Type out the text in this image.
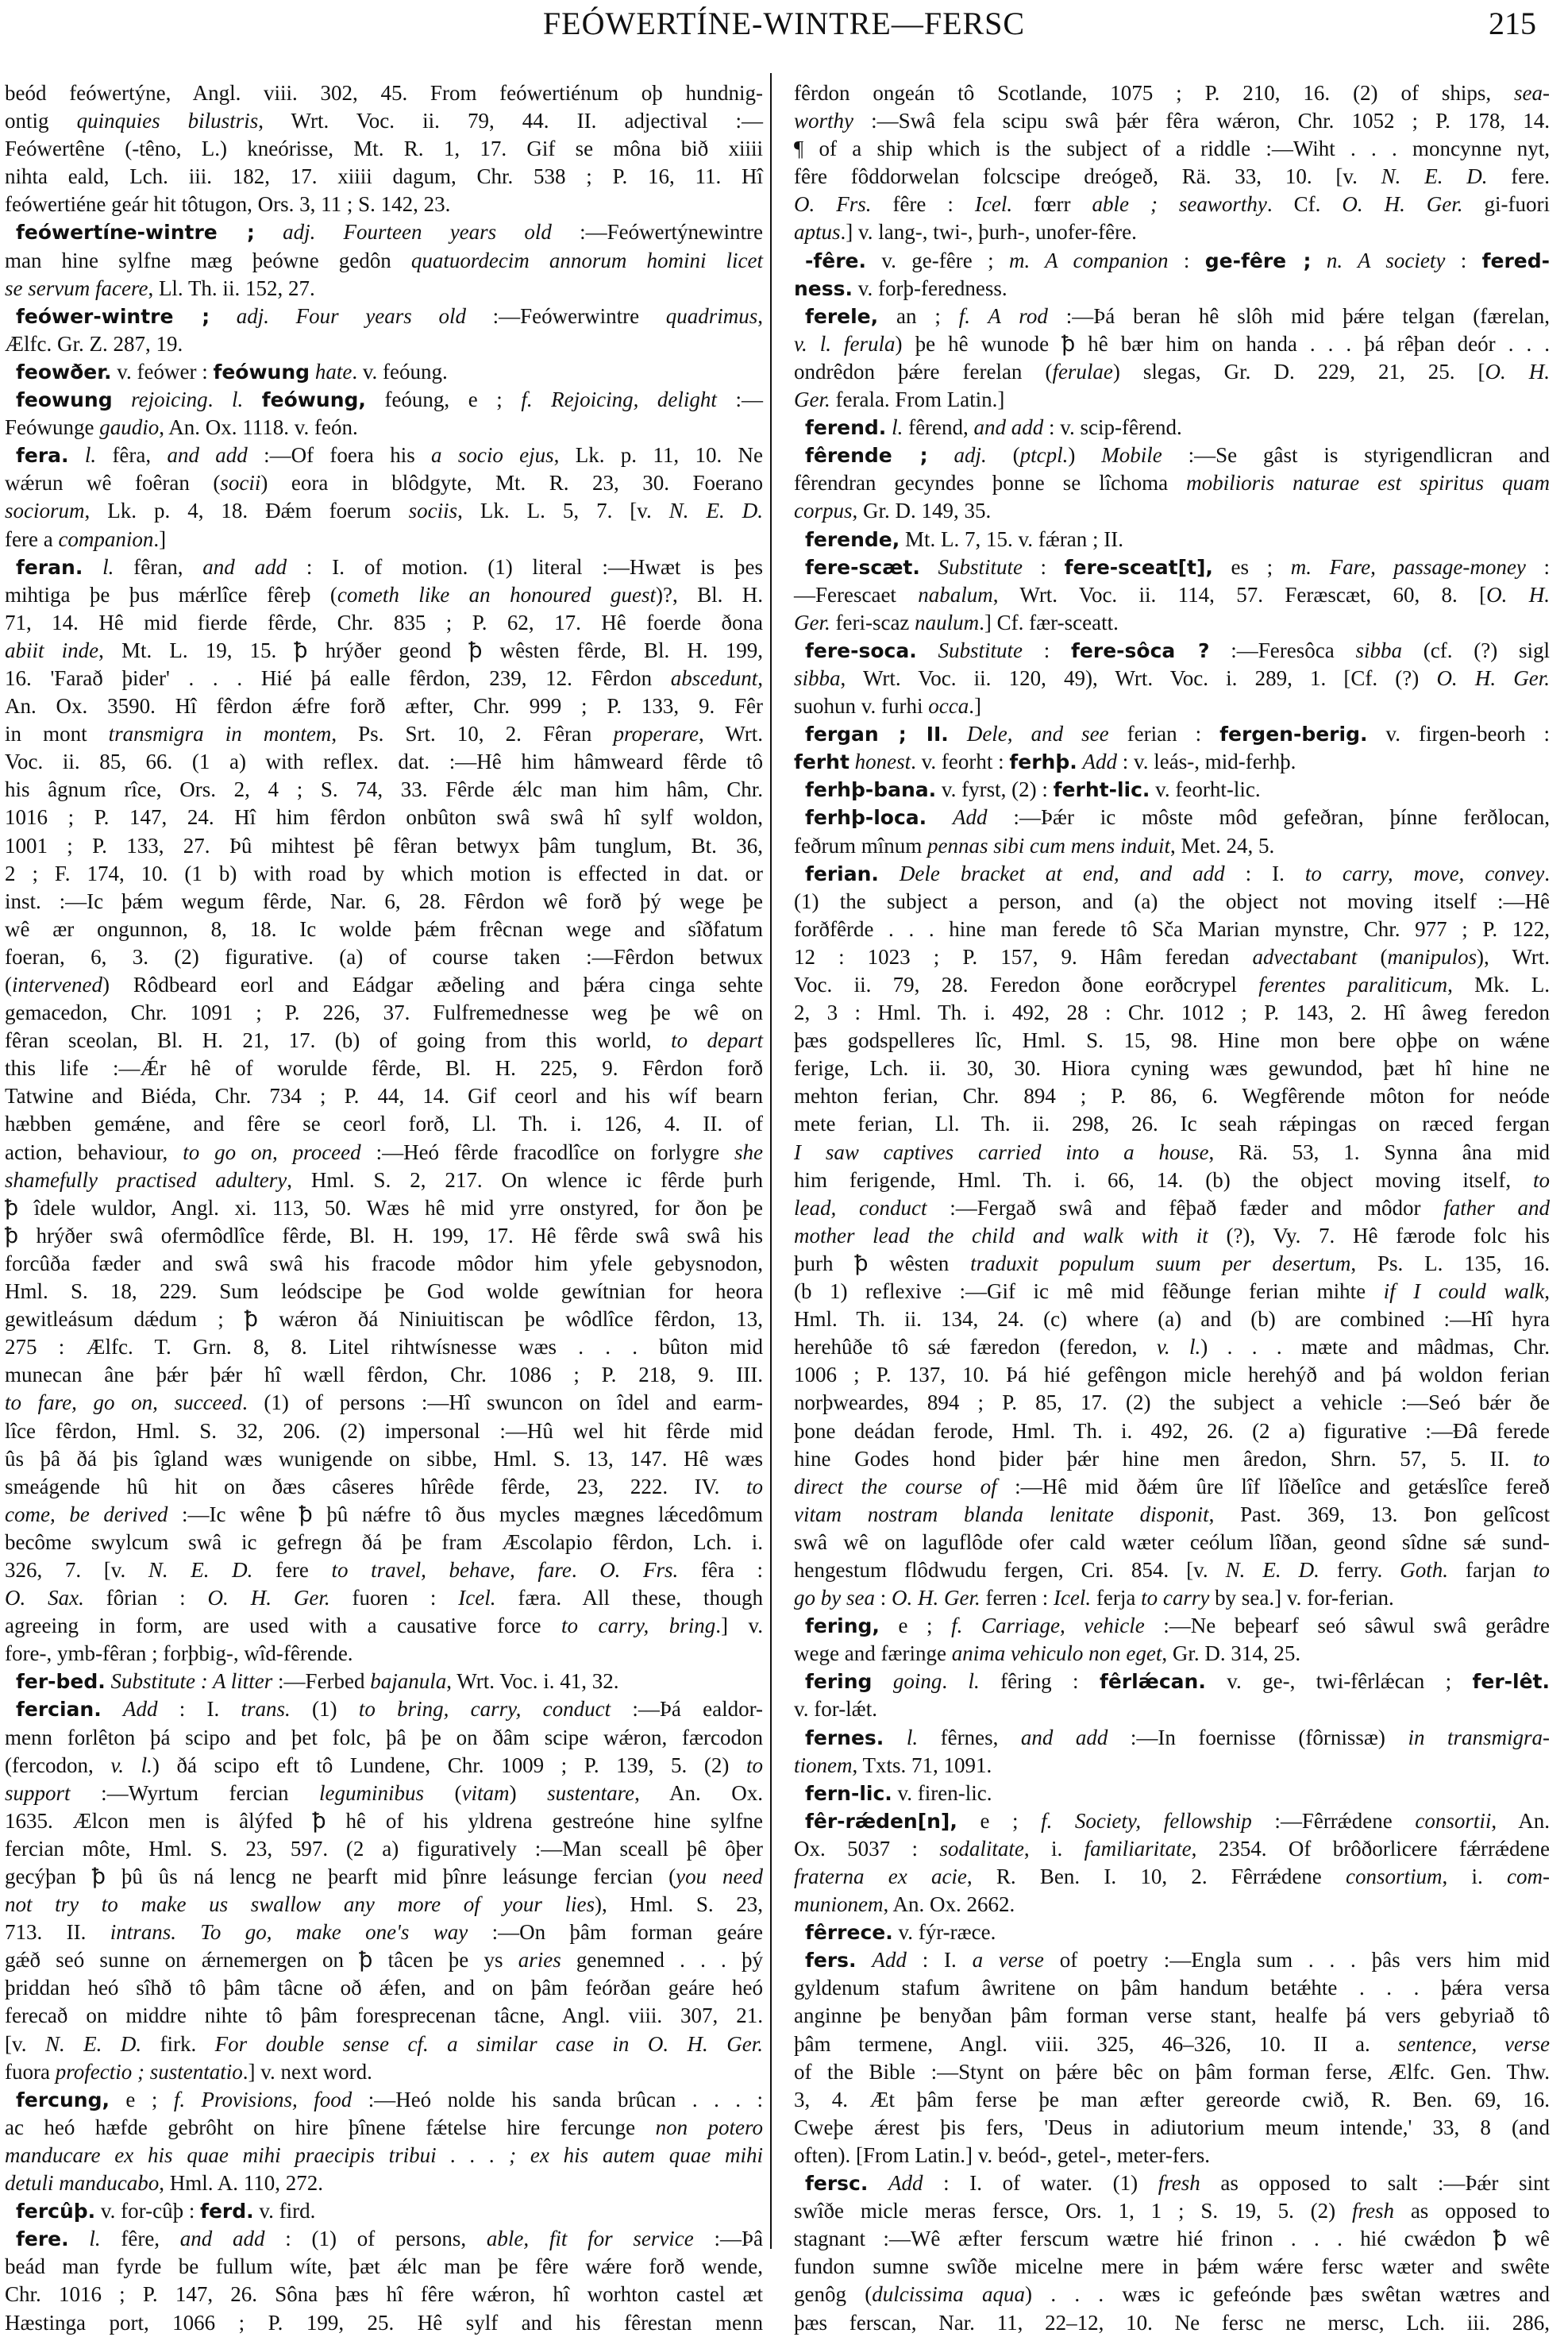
FEÓWERTÍNE-WINTRE—FERSC	215
beód feówertýne, Angl. viii. 302, 45. From feówertiénum oþ hundnig-
ontig quinquies bilustris, Wrt. Voc. ii. 79, 44. II. adjectival :—
Feówertêne (-têno, L.) kneórisse, Mt. R. 1, 17. Gif se môna bið xiiii
nihta eald, Lch. iii. 182, 17. xiiii dagum, Chr. 538 ; P. 16, 11. Hî
feówertiéne geár hit tôtugon, Ors. 3, 11 ; S. 142, 23.
feówertíne-wintre ; adj. Fourteen years old :—Feówertýnewintre
man hine sylfne mæg þeówne gedôn quatuordecim annorum homini licet
se servum facere, Ll. Th. ii. 152, 27.
feówer-wintre ; adj. Four years old :—Feówerwintre quadrimus,
Ælfc. Gr. Z. 287, 19.
feowðer. v. feówer : feówung hate. v. feóung.
feowung rejoicing. l. feówung, feóung, e ; f. Rejoicing, delight :—
Feówunge gaudio, An. Ox. 1118. v. feón.
fera. l. fêra, and add :—Of foera his a socio ejus, Lk. p. 11, 10. Ne
wǽrun wê foêran (socii) eora in blôdgyte, Mt. R. 23, 30. Foerano
sociorum, Lk. p. 4, 18. Ðǽm foerum sociis, Lk. L. 5, 7. [v. N. E. D.
fere a companion.]
feran. l. fêran, and add : I. of motion. (1) literal :—Hwæt is þes
mihtiga þe þus mǽrlîce fêreþ (cometh like an honoured guest)?, Bl. H.
71, 14. Hê mid fierde fêrde, Chr. 835 ; P. 62, 17. Hê foerde ðona
abiit inde, Mt. L. 19, 15. ꝥ hrýðer geond ꝥ wêsten fêrde, Bl. H. 199,
16. 'Farað þider' . . . Hié þá ealle fêrdon, 239, 12. Fêrdon abscedunt,
An. Ox. 3590. Hî fêrdon ǽfre forð æfter, Chr. 999 ; P. 133, 9. Fêr
in mont transmigra in montem, Ps. Srt. 10, 2. Fêran properare, Wrt.
Voc. ii. 85, 66. (1 a) with reflex. dat. :—Hê him hâmweard fêrde tô
his âgnum rîce, Ors. 2, 4 ; S. 74, 33. Fêrde ǽlc man him hâm, Chr.
1016 ; P. 147, 24. Hî him fêrdon onbûton swâ swâ hî sylf woldon,
1001 ; P. 133, 27. Þû mihtest þê fêran betwyx þâm tunglum, Bt. 36,
2 ; F. 174, 10. (1 b) with road by which motion is effected in dat. or
inst. :—Ic þǽm wegum fêrde, Nar. 6, 28. Fêrdon wê forð þý wege þe
wê ær ongunnon, 8, 18. Ic wolde þǽm frêcnan wege and sîðfatum
foeran, 6, 3. (2) figurative. (a) of course taken :—Fêrdon betwux
(intervened) Rôdbeard eorl and Eádgar æðeling and þǽra cinga sehte
gemacedon, Chr. 1091 ; P. 226, 37. Fulfremednesse weg þe wê on
fêran sceolan, Bl. H. 21, 17. (b) of going from this world, to depart
this life :—Ǽr hê of worulde fêrde, Bl. H. 225, 9. Fêrdon forð
Tatwine and Biéda, Chr. 734 ; P. 44, 14. Gif ceorl and his wíf bearn
hæbben gemǽne, and fêre se ceorl forð, Ll. Th. i. 126, 4. II. of
action, behaviour, to go on, proceed :—Heó fêrde fracodlîce on forlygre she
shamefully practised adultery, Hml. S. 2, 217. On wlence ic fêrde þurh
ꝥ îdele wuldor, Angl. xi. 113, 50. Wæs hê mid yrre onstyred, for ðon þe
ꝥ hrýðer swâ ofermôdlîce fêrde, Bl. H. 199, 17. Hê fêrde swâ swâ his
forcûða fæder and swâ swâ his fracode môdor him yfele gebysnodon,
Hml. S. 18, 229. Sum leódscipe þe God wolde gewítnian for heora
gewitleásum dǽdum ; ꝥ wǽron ðá Niniuitiscan þe wôdlîce fêrdon, 13,
275 : Ælfc. T. Grn. 8, 8. Litel rihtwísnesse wæs . . . bûton mid
munecan âne þǽr þǽr hî wæll fêrdon, Chr. 1086 ; P. 218, 9. III.
to fare, go on, succeed. (1) of persons :—Hî swuncon on îdel and earm-
lîce fêrdon, Hml. S. 32, 206. (2) impersonal :—Hû wel hit fêrde mid
ûs þâ ðá þis îgland wæs wunigende on sibbe, Hml. S. 13, 147. Hê wæs
smeágende hû hit on ðæs câseres hîrêde fêrde, 23, 222. IV. to
come, be derived :—Ic wêne ꝥ þû nǽfre tô ðus mycles mægnes lǽcedômum
becôme swylcum swâ ic gefregn ðá þe fram Æscolapio fêrdon, Lch. i.
326, 7. [v. N. E. D. fere to travel, behave, fare. O. Frs. fêra :
O. Sax. fôrian : O. H. Ger. fuoren : Icel. færa. All these, though
agreeing in form, are used with a causative force to carry, bring.] v.
fore-, ymb-fêran ; forþbig-, wîd-fêrende.
fer-bed. Substitute : A litter :—Ferbed bajanula, Wrt. Voc. i. 41, 32.
fercian. Add : I. trans. (1) to bring, carry, conduct :—Þá ealdor-
menn forlêton þá scipo and þet folc, þâ þe on ðâm scipe wǽron, færcodon
(fercodon, v. l.) ðá scipo eft tô Lundene, Chr. 1009 ; P. 139, 5. (2) to
support :—Wyrtum fercian leguminibus (vitam) sustentare, An. Ox.
1635. Ælcon men is âlýfed ꝥ hê of his yldrena gestreóne hine sylfne
fercian môte, Hml. S. 23, 597. (2 a) figuratively :—Man sceall þê ôþer
gecýþan ꝥ þû ûs ná lencg ne þearft mid þînre leásunge fercian (you need
not try to make us swallow any more of your lies), Hml. S. 23,
713. II. intrans. To go, make one's way :—On þâm forman geáre
gǽð seó sunne on ǽrnemergen on ꝥ tâcen þe ys aries genemned . . . þý
þriddan heó sîhð tô þâm tâcne oð ǽfen, and on þâm feórðan geáre heó
ferecað on middre nihte tô þâm foresprecenan tâcne, Angl. viii. 307, 21.
[v. N. E. D. firk. For double sense cf. a similar case in O. H. Ger.
fuora profectio ; sustentatio.] v. next word.
fercung, e ; f. Provisions, food :—Heó nolde his sanda brûcan . . . :
ac heó hæfde gebrôht on hire þînene fǽtelse hire fercunge non potero
manducare ex his quae mihi praecipis tribui . . . ; ex his autem quae mihi
detuli manducabo, Hml. A. 110, 272.
fercûþ. v. for-cûþ : ferd. v. fird.
fere. l. fêre, and add : (1) of persons, able, fit for service :—Þâ
beád man fyrde be fullum wíte, þæt ǽlc man þe fêre wǽre forð wende,
Chr. 1016 ; P. 147, 26. Sôna þæs hî fêre wǽron, hî worhton castel æt
Hæstinga port, 1066 ; P. 199, 25. Hê sylf and his fêrestan menn
fêrdon ongeán tô Scotlande, 1075 ; P. 210, 16. (2) of ships, sea-
worthy :—Swâ fela scipu swâ þǽr fêra wǽron, Chr. 1052 ; P. 178, 14.
¶ of a ship which is the subject of a riddle :—Wiht . . . moncynne nyt,
fêre fôddorwelan folcscipe dreógeð, Rä. 33, 10. [v. N. E. D. fere.
O. Frs. fêre : Icel. fœrr able ; seaworthy. Cf. O. H. Ger. gi-fuori
aptus.] v. lang-, twi-, þurh-, unofer-fêre.
-fêre. v. ge-fêre ; m. A companion : ge-fêre ; n. A society : fered-
ness. v. forþ-feredness.
ferele, an ; f. A rod :—Þá beran hê slôh mid þǽre telgan (færelan,
v. l. ferula) þe hê wunode ꝥ hê bær him on handa . . . þá rêþan deór . . .
ondrêdon þǽre ferelan (ferulae) slegas, Gr. D. 229, 21, 25. [O. H.
Ger. ferala. From Latin.]
ferend. l. fêrend, and add : v. scip-fêrend.
fêrende ; adj. (ptcpl.) Mobile :—Se gâst is styrigendlicran and
fêrendran gecyndes þonne se lîchoma mobilioris naturae est spiritus quam
corpus, Gr. D. 149, 35.
ferende, Mt. L. 7, 15. v. fǽran ; II.
fere-scæt. Substitute : fere-sceat[t], es ; m. Fare, passage-money :
—Ferescaet nabalum, Wrt. Voc. ii. 114, 57. Feræscæt, 60, 8. [O. H.
Ger. feri-scaz naulum.] Cf. fær-sceatt.
fere-soca. Substitute : fere-sôca ? :—Feresôca sibba (cf. (?) sigl
sibba, Wrt. Voc. ii. 120, 49), Wrt. Voc. i. 289, 1. [Cf. (?) O. H. Ger.
suohun v. furhi occa.]
fergan ; II. Dele, and see ferian : fergen-berig. v. firgen-beorh :
ferht honest. v. feorht : ferhþ. Add : v. leás-, mid-ferhþ.
ferhþ-bana. v. fyrst, (2) : ferht-lic. v. feorht-lic.
ferhþ-loca. Add :—Þǽr ic môste môd gefeðran, þínne ferðlocan,
feðrum mînum pennas sibi cum mens induit, Met. 24, 5.
ferian. Dele bracket at end, and add : I. to carry, move, convey.
(1) the subject a person, and (a) the object not moving itself :—Hê
forðfêrde . . . hine man ferede tô Sča Marian mynstre, Chr. 977 ; P. 122,
12 : 1023 ; P. 157, 9. Hâm feredan advectabant (manipulos), Wrt.
Voc. ii. 79, 28. Feredon ðone eorðcrypel ferentes paraliticum, Mk. L.
2, 3 : Hml. Th. i. 492, 28 : Chr. 1012 ; P. 143, 2. Hî âweg feredon
þæs godspelleres lîc, Hml. S. 15, 98. Hine mon bere oþþe on wǽne
ferige, Lch. ii. 30, 30. Hiora cyning wæs gewundod, þæt hî hine ne
mehton ferian, Chr. 894 ; P. 86, 6. Wegfêrende môton for neóde
mete ferian, Ll. Th. ii. 298, 26. Ic seah rǽpingas on ræced fergan
I saw captives carried into a house, Rä. 53, 1. Synna âna mid
him ferigende, Hml. Th. i. 66, 14. (b) the object moving itself, to
lead, conduct :—Fergað swâ and fêþað fæder and môdor father and
mother lead the child and walk with it (?), Vy. 7. Hê færode folc his
þurh ꝥ wêsten traduxit populum suum per desertum, Ps. L. 135, 16.
(b 1) reflexive :—Gif ic mê mid fêðunge ferian mihte if I could walk,
Hml. Th. ii. 134, 24. (c) where (a) and (b) are combined :—Hî hyra
herehûðe tô sǽ færedon (feredon, v. l.) . . . mæte and mâdmas, Chr.
1006 ; P. 137, 10. Þá hié gefêngon micle herehýð and þá woldon ferian
norþweardes, 894 ; P. 85, 17. (2) the subject a vehicle :—Seó bǽr ðe
þone deádan ferode, Hml. Th. i. 492, 26. (2 a) figurative :—Ðâ ferede
hine Godes hond þider þǽr hine men âredon, Shrn. 57, 5. II. to
direct the course of :—Hê mid ðǽm ûre lîf lîðelîce and getǽslîce fereð
vitam nostram blanda lenitate disponit, Past. 369, 13. Þon gelîcost
swâ wê on laguflôde ofer cald wæter ceólum lîðan, geond sîdne sǽ sund-
hengestum flôdwudu fergen, Cri. 854. [v. N. E. D. ferry. Goth. farjan to
go by sea : O. H. Ger. ferren : Icel. ferja to carry by sea.] v. for-ferian.
fering, e ; f. Carriage, vehicle :—Ne beþearf seó sâwul swâ gerâdre
wege and færinge anima vehiculo non eget, Gr. D. 314, 25.
fering going. l. fêring : fêrlǽcan. v. ge-, twi-fêrlǽcan ; fer-lêt.
v. for-lǽt.
fernes. l. fêrnes, and add :—In foernisse (fôrnissæ) in transmigra-
tionem, Txts. 71, 1091.
fern-lic. v. firen-lic.
fêr-rǽden[n], e ; f. Society, fellowship :—Fêrrǽdene consortii, An.
Ox. 5037 : sodalitate, i. familiaritate, 2354. Of brôðorlicere fǽrrǽdene
fraterna ex acie, R. Ben. I. 10, 2. Fêrrǽdene consortium, i. com-
munionem, An. Ox. 2662.
fêrrece. v. fýr-ræce.
fers. Add : I. a verse of poetry :—Engla sum . . . þâs vers him mid
gyldenum stafum âwritene on þâm handum betǽhte . . . þǽra versa
anginne þe benyðan þâm forman verse stant, healfe þá vers gebyriað tô
þâm termene, Angl. viii. 325, 46–326, 10. II a. sentence, verse
of the Bible :—Stynt on þǽre bêc on þâm forman ferse, Ælfc. Gen. Thw.
3, 4. Æt þâm ferse þe man æfter gereorde cwið, R. Ben. 69, 16.
Cweþe ǽrest þis fers, 'Deus in adiutorium meum intende,' 33, 8 (and
often). [From Latin.] v. beód-, getel-, meter-fers.
fersc. Add : I. of water. (1) fresh as opposed to salt :—Þǽr sint
swîðe micle meras fersce, Ors. 1, 1 ; S. 19, 5. (2) fresh as opposed to
stagnant :—Wê æfter ferscum wætre hié frinon . . . hié cwǽdon ꝥ wê
fundon sumne swîðe micelne mere in þǽm wǽre fersc wæter and swête
genôg (dulcissima aqua) . . . wæs ic gefeónde þæs swêtan wætres and
þæs ferscan, Nar. 11, 22–12, 10. Ne fersc ne mersc, Lch. iii. 286,
